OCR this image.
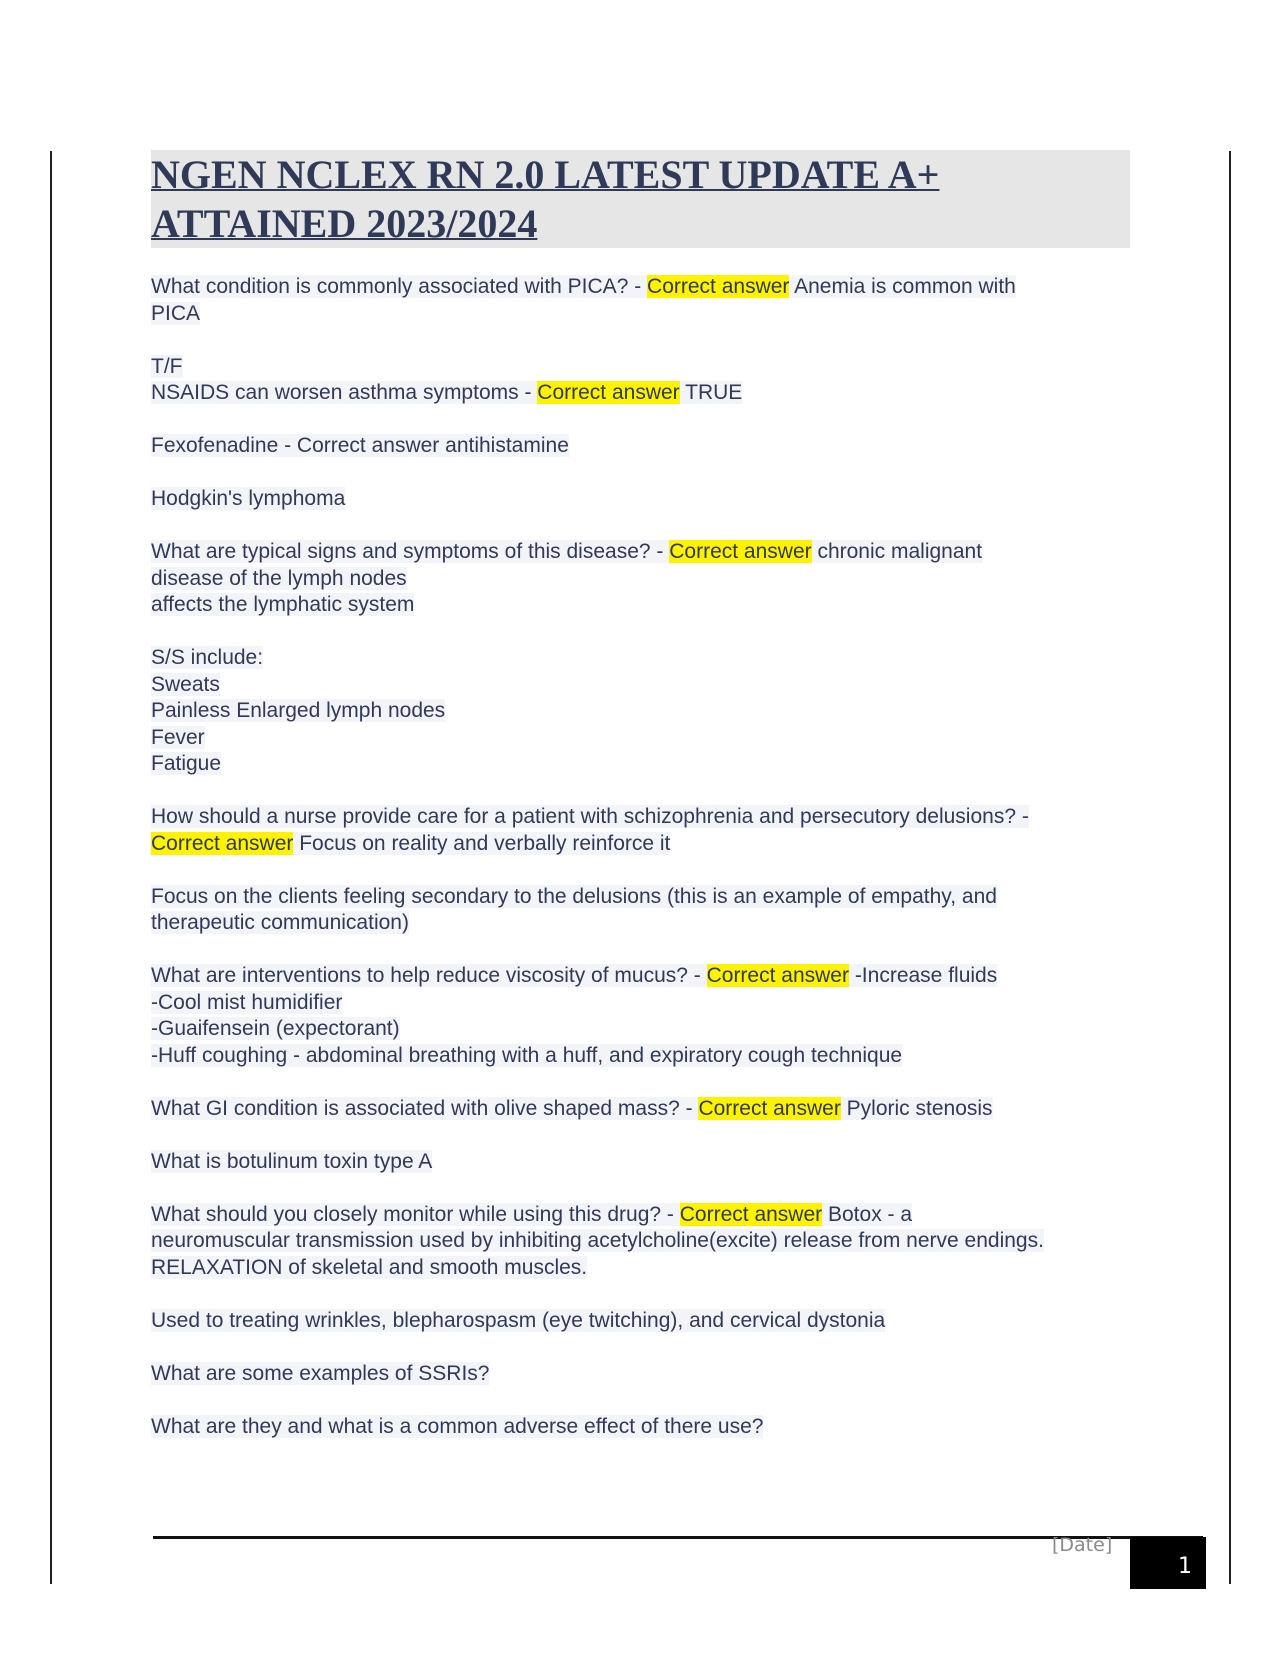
NGEN NCLEX RN 2.0 LATEST UPDATE A+
ATTAINED 2023/2024
What condition is commonly associated with PICA? - Correct answer Anemia is common with
PICA
T/F
NSAIDS can worsen asthma symptoms - Correct answer TRUE
Fexofenadine - Correct answer antihistamine
Hodgkin's lymphoma
What are typical signs and symptoms of this disease? - Correct answer chronic malignant
disease of the lymph nodes
affects the lymphatic system
S/S include:
Sweats
Painless Enlarged lymph nodes
Fever
Fatigue
How should a nurse provide care for a patient with schizophrenia and persecutory delusions? -
Correct answer Focus on reality and verbally reinforce it
Focus on the clients feeling secondary to the delusions (this is an example of empathy, and
therapeutic communication)
What are interventions to help reduce viscosity of mucus? - Correct answer -Increase fluids
-Cool mist humidifier
-Guaifensein (expectorant)
-Huff coughing - abdominal breathing with a huff, and expiratory cough technique
What GI condition is associated with olive shaped mass? - Correct answer Pyloric stenosis
What is botulinum toxin type A
What should you closely monitor while using this drug? - Correct answer Botox - a
neuromuscular transmission used by inhibiting acetylcholine(excite) release from nerve endings.
RELAXATION of skeletal and smooth muscles.
Used to treating wrinkles, blepharospasm (eye twitching), and cervical dystonia
What are some examples of SSRIs?
What are they and what is a common adverse effect of there use?
[Date]
1
